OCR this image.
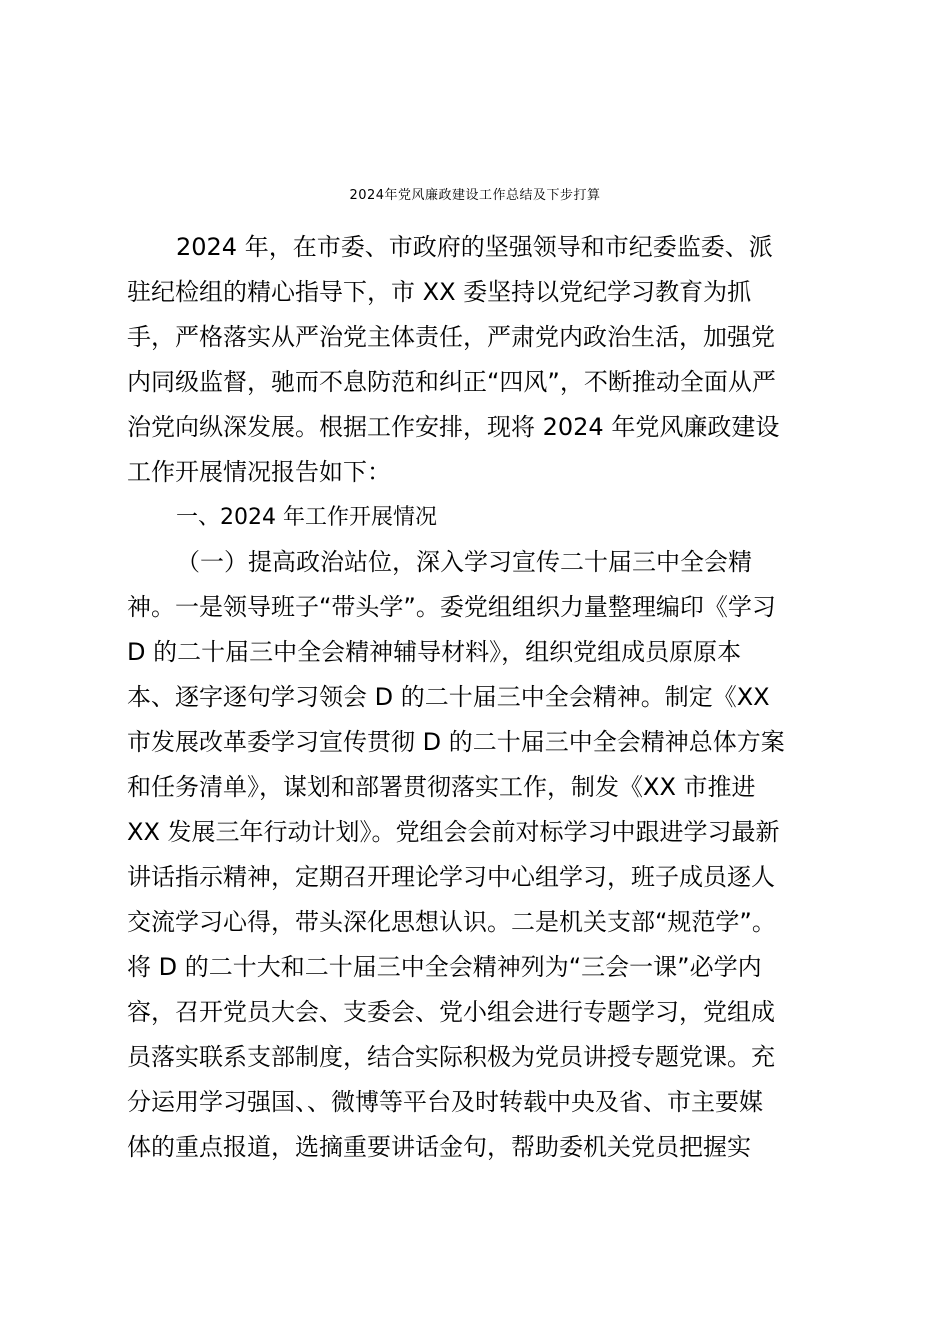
2024年党风廉政建设工作总结及下步打算
2024 年，在市委、市政府的坚强领导和市纪委监委、派
驻纪检组的精心指导下，市 XX 委坚持以党纪学习教育为抓
手，严格落实从严治党主体责任，严肃党内政治生活，加强党
内同级监督，驰而不息防范和纠正“四风”，不断推动全面从严
治党向纵深发展。根据工作安排，现将 2024 年党风廉政建设
工作开展情况报告如下：
一、2024 年工作开展情况
（一）提高政治站位，深入学习宣传二十届三中全会精
神。一是领导班子“带头学”。委党组组织力量整理编印《学习
D 的二十届三中全会精神辅导材料》，组织党组成员原原本
本、逐字逐句学习领会 D 的二十届三中全会精神。制定《XX
市发展改革委学习宣传贯彻 D 的二十届三中全会精神总体方案
和任务清单》，谋划和部署贯彻落实工作，制发《XX 市推进
XX 发展三年行动计划》。党组会会前对标学习中跟进学习最新
讲话指示精神，定期召开理论学习中心组学习，班子成员逐人
交流学习心得，带头深化思想认识。二是机关支部“规范学”。
将 D 的二十大和二十届三中全会精神列为“三会一课”必学内
容，召开党员大会、支委会、党小组会进行专题学习，党组成
员落实联系支部制度，结合实际积极为党员讲授专题党课。充
分运用学习强国、、微博等平台及时转载中央及省、市主要媒
体的重点报道，选摘重要讲话金句，帮助委机关党员把握实
